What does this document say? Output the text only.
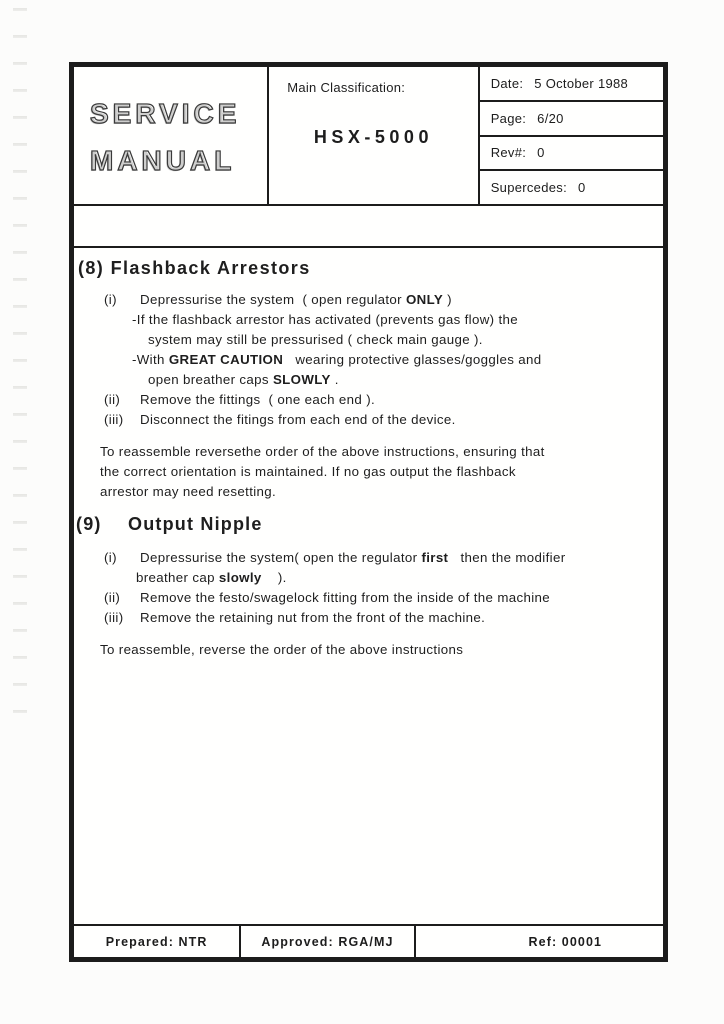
SERVICE
MANUAL
Main Classification:
HSX-5000
Date: 5 October 1988
Page: 6/20
Rev#: 0
Supercedes: 0
(8) Flashback Arrestors
(i) Depressurise the system  ( open regulator ONLY )
-If the flashback arrestor has activated (prevents gas flow) the
system may still be pressurised ( check main gauge ).
-With GREAT CAUTION   wearing protective glasses/goggles and
open breather caps SLOWLY .
(ii) Remove the fittings  ( one each end ).
(iii) Disconnect the fitings from each end of the device.
To reassemble reversethe order of the above instructions, ensuring that
the correct orientation is maintained. If no gas output the flashback
arrestor may need resetting.
(9) Output Nipple
(i) Depressurise the system( open the regulator first   then the modifier
breather cap slowly    ).
(ii) Remove the festo/swagelock fitting from the inside of the machine
(iii) Remove the retaining nut from the front of the machine.
To reassemble, reverse the order of the above instructions
Prepared: NTR	Approved: RGA/MJ	Ref: 00001
